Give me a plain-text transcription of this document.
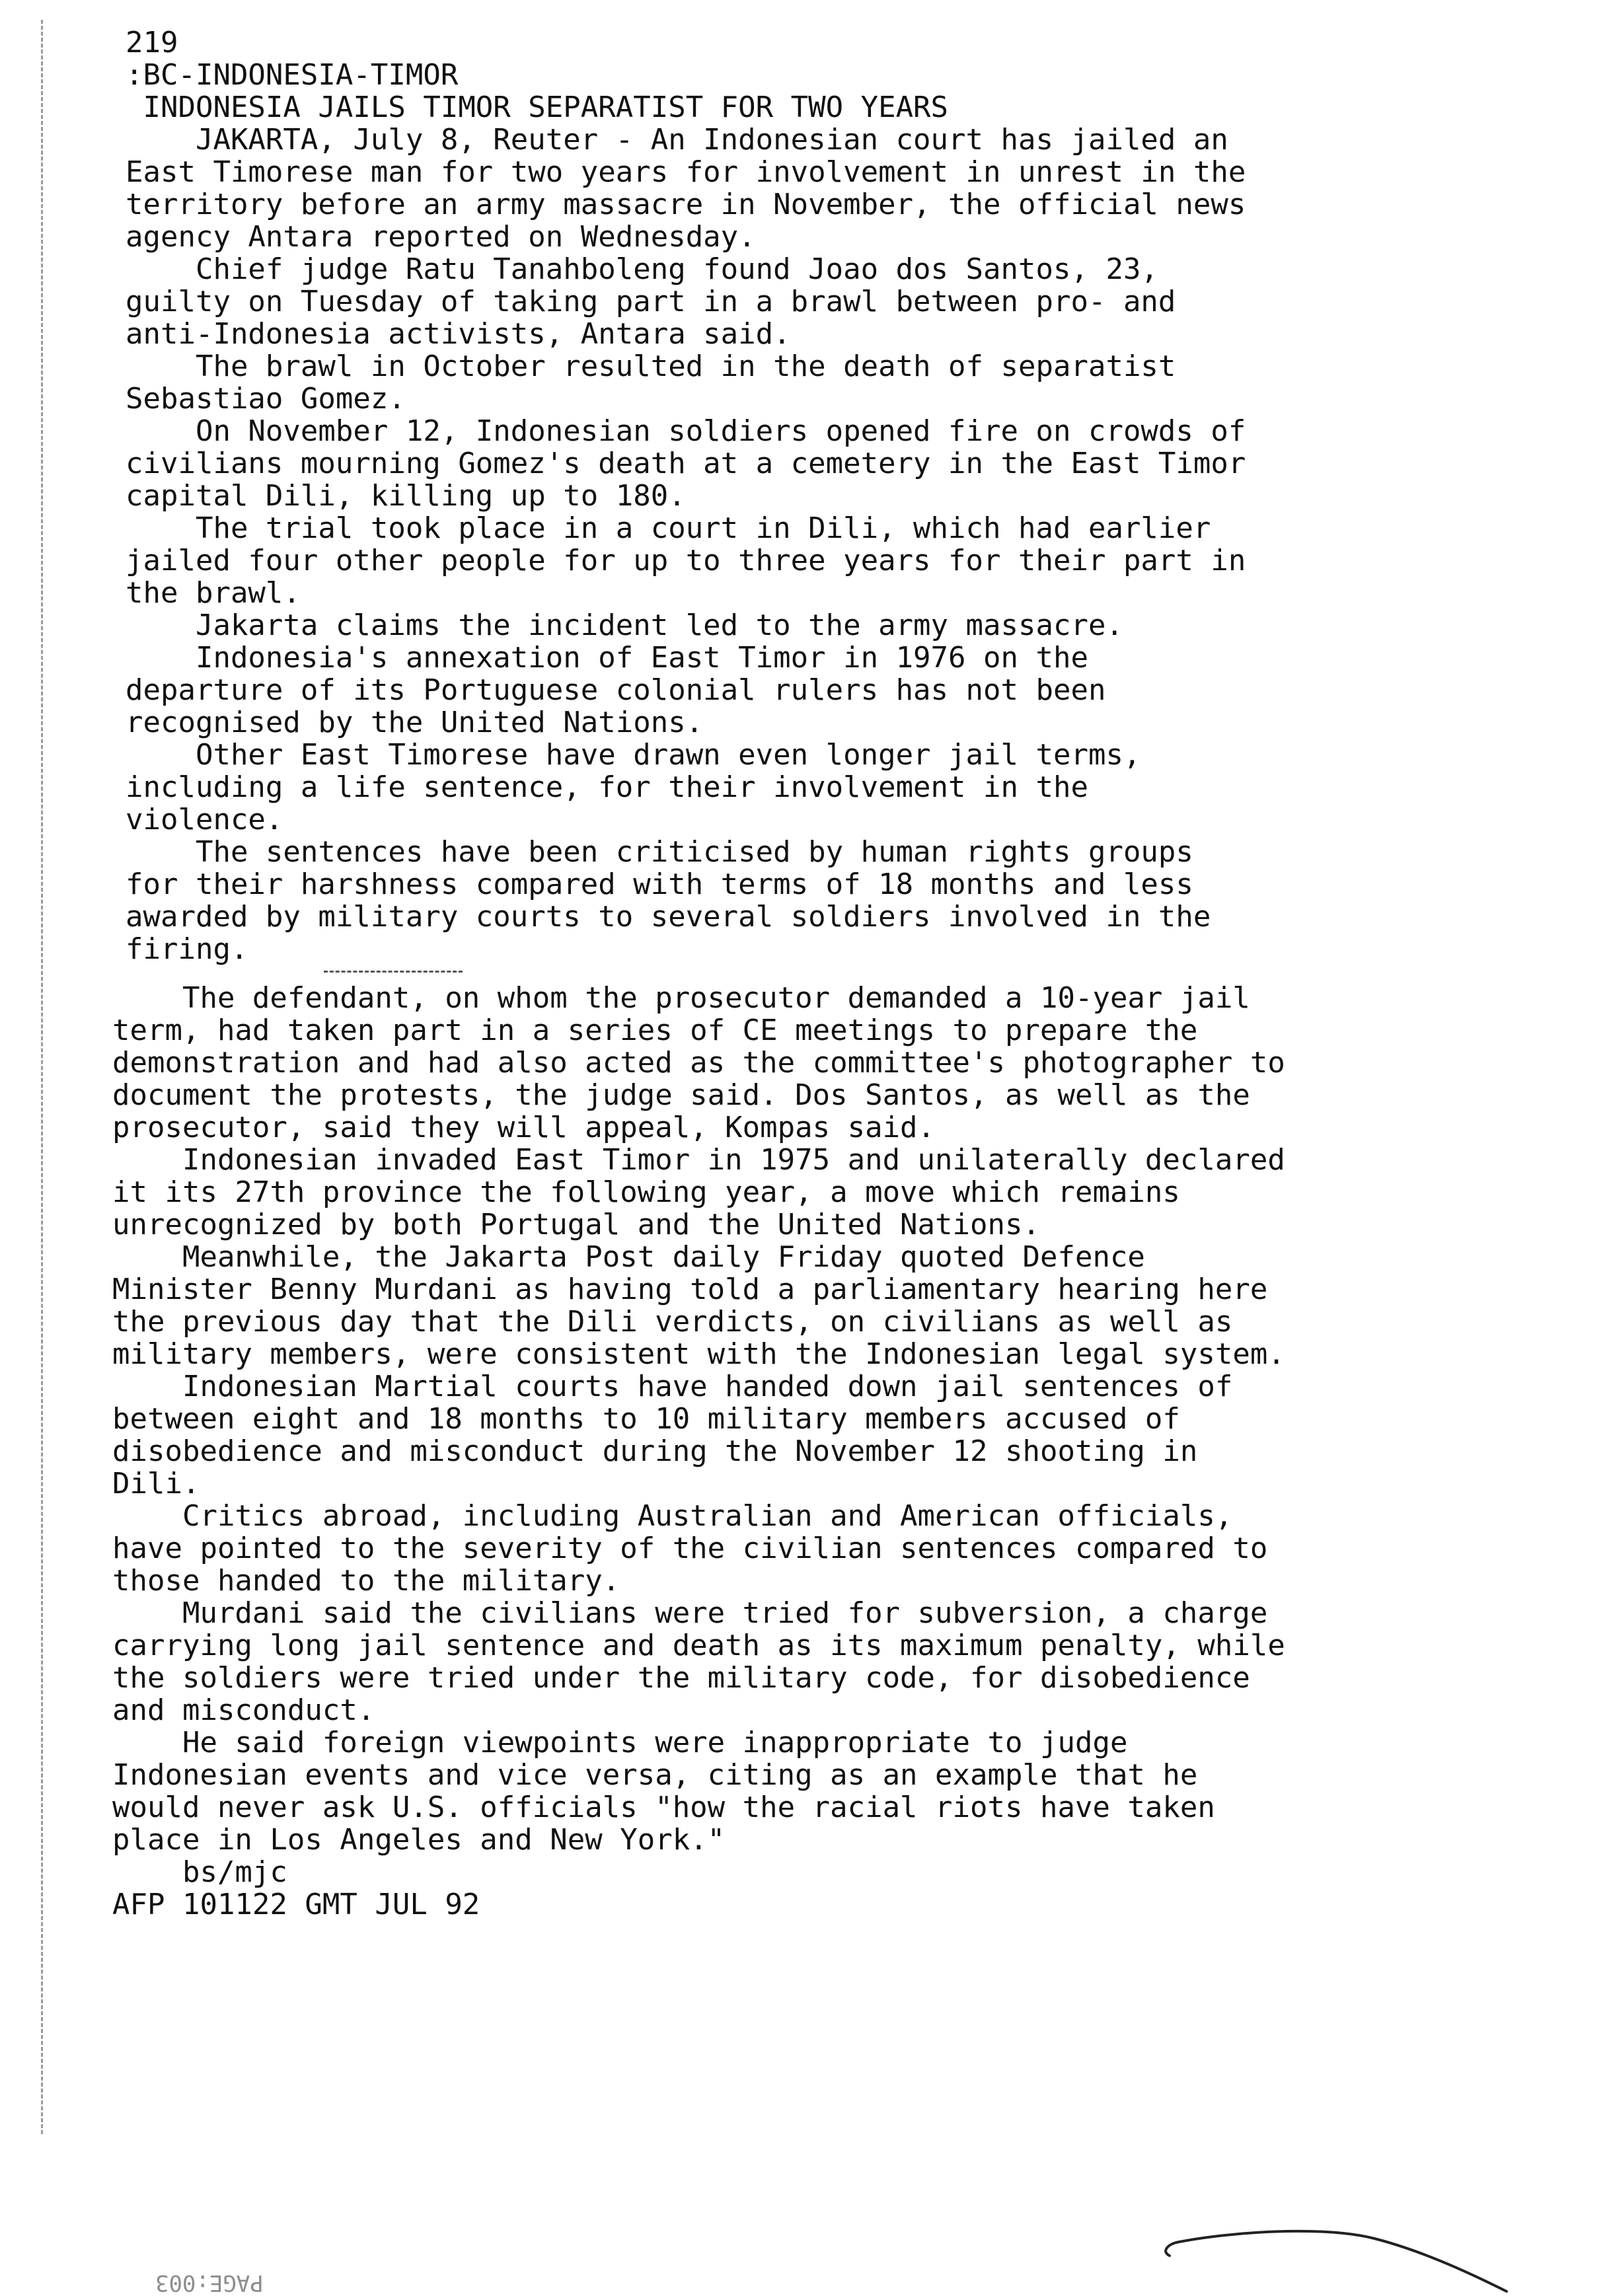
219

:BC-INDONESIA-TIMOR

INDONESIA JAILS TIMOR SEPARATIST FOR TWO YEARS

JAKARTA, July 8, Reuter - An Indonesian court has jailed an

East Timorese man for two years for involvement in unrest in the

territory before an army massacre in November, the official news

agency Antara reported on Wednesday.

Chief judge Ratu Tanahboleng found Joao dos Santos, 23,

guilty on Tuesday of taking part in a brawl between pro- and

anti-Indonesia activists, Antara said.

The brawl in October resulted in the death of separatist

Sebastiao Gomez.

On November 12, Indonesian soldiers opened fire on crowds of

civilians mourning Gomez's death at a cemetery in the East Timor

capital Dili, killing up to 180.

The trial took place in a court in Dili, which had earlier

jailed four other people for up to three years for their part in

the brawl.

Jakarta claims the incident led to the army massacre.

Indonesia's annexation of East Timor in 1976 on the

departure of its Portuguese colonial rulers has not been

recognised by the United Nations.

Other East Timorese have drawn even longer jail terms,

including a life sentence, for their involvement in the

violence.

The sentences have been criticised by human rights groups

for their harshness compared with terms of 18 months and less

awarded by military courts to several soldiers involved in the

firing.

The defendant, on whom the prosecutor demanded a 10-year jail

term, had taken part in a series of CE meetings to prepare the

demonstration and had also acted as the committee's photographer to

document the protests, the judge said. Dos Santos, as well as the

prosecutor, said they will appeal, Kompas said.

Indonesian invaded East Timor in 1975 and unilaterally declared

it its 27th province the following year, a move which remains

unrecognized by both Portugal and the United Nations.

Meanwhile, the Jakarta Post daily Friday quoted Defence

Minister Benny Murdani as having told a parliamentary hearing here

the previous day that the Dili verdicts, on civilians as well as

military members, were consistent with the Indonesian legal system.

Indonesian Martial courts have handed down jail sentences of

between eight and 18 months to 10 military members accused of

disobedience and misconduct during the November 12 shooting in

Dili.

Critics abroad, including Australian and American officials,

have pointed to the severity of the civilian sentences compared to

those handed to the military.

Murdani said the civilians were tried for subversion, a charge

carrying long jail sentence and death as its maximum penalty, while

the soldiers were tried under the military code, for disobedience

and misconduct.

He said foreign viewpoints were inappropriate to judge

Indonesian events and vice versa, citing as an example that he

would never ask U.S. officials "how the racial riots have taken

place in Los Angeles and New York."

bs/mjc

AFP 101122 GMT JUL 92

PAGE:003
